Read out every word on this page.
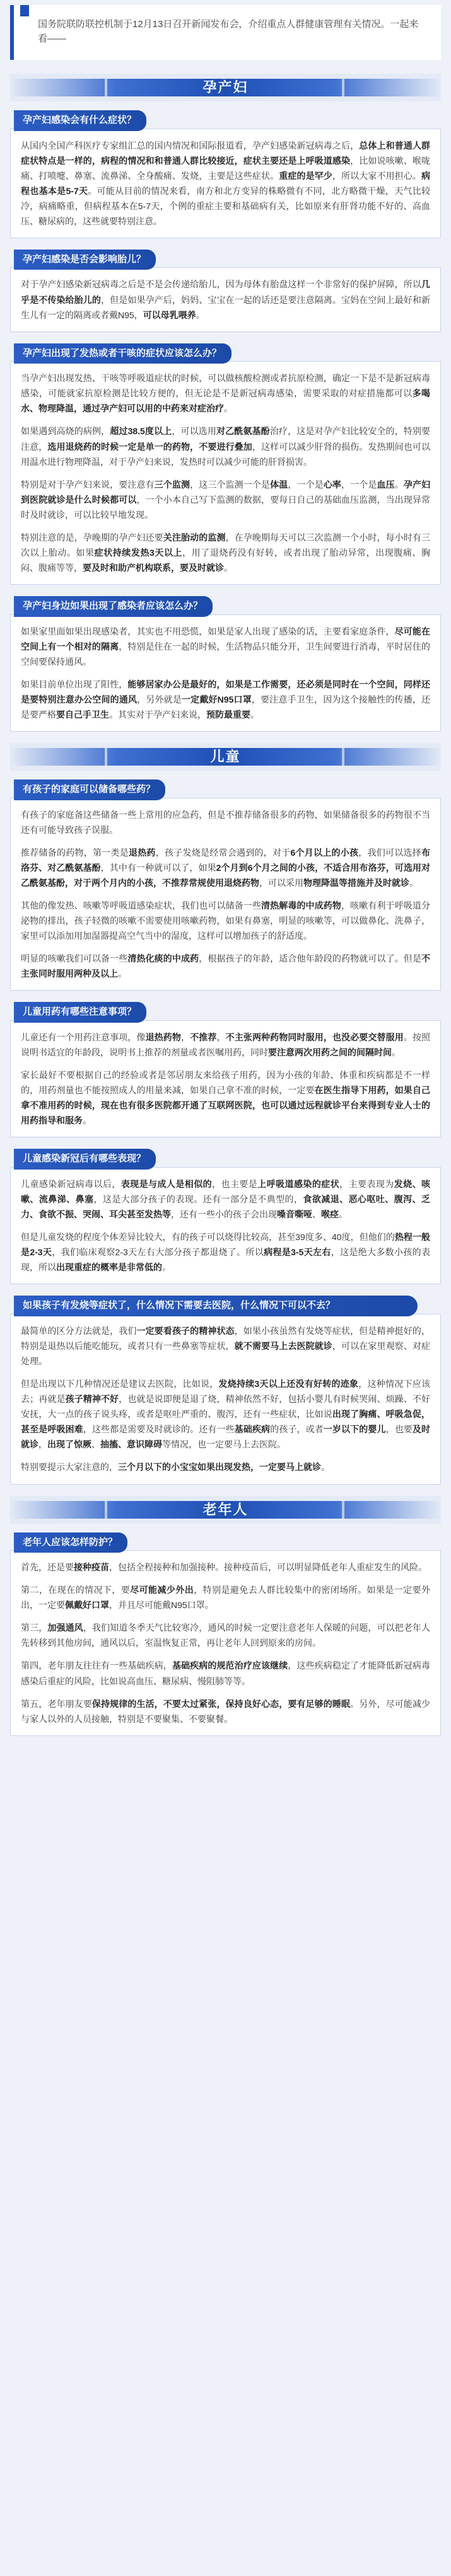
国务院联防联控机制于12月13日召开新闻发布会，介绍重点人群健康管理有关情况。一起来看——
孕产妇
孕产妇感染会有什么症状？

从国内全国产科医疗专家组汇总的国内情况和国际报道看，孕产妇感染新冠病毒之后，总体上和普通人群症状特点是一样的，病程的情况和和普通人群比较接近，症状主要还是上呼吸道感染，比如说咳嗽、喉咙痛、打喷嚏、鼻塞、流鼻涕、全身酸痛、发烧，主要是这些症状。重症的是罕少，所以大家不用担心。病程也基本是5-7天。可能从目前的情况来看，南方和北方变异的株略微有不同，北方略微干燥，天气比较冷，病痛略重，但病程基本在5-7天，个例的重症主要和基础病有关，比如原来有肝肾功能不好的、高血压、糖尿病的，这些就要特别注意。

孕产妇感染是否会影响胎儿？

对于孕产妇感染新冠病毒之后是不是会传递给胎儿，因为母体有胎盘这样一个非常好的保护屏障，所以几乎是不传染给胎儿的，但是如果孕产后，妈妈、宝宝在一起的话还是要注意隔离。宝妈在空间上最好和新生儿有一定的隔离或者戴N95，可以母乳喂养。

孕产妇出现了发热或者干咳的症状应该怎么办？

当孕产妇出现发热、干咳等呼吸道症状的时候，可以做核酸检测或者抗原检测，确定一下是不是新冠病毒感染，可能就家抗原检测是比较方便的，但无论是不是新冠病毒感染，需要采取的对症措施都可以多喝水、物理降温，通过孕产妇可以用的中药来对症治疗。

如果遇到高烧的病例，超过38.5度以上，可以选用对乙酰氨基酚治疗，这是对孕产妇比较安全的，特别要注意，选用退烧药的时候一定是单一的药物，不要进行叠加，这样可以减少肝肾的损伤。发热期间也可以用温水进行物理降温，对于孕产妇来说，发热时可以减少可能的肝肾损害。

特别是对于孕产妇来说，要注意有三个监测，这三个监测一个是体温，一个是心率，一个是血压。孕产妇到医院就诊是什么时候都可以，一个小本自己写下监测的数据，要每日自己的基础血压监测，当出现异常时及时就诊，可以比较早地发现。

特别注意的是，孕晚期的孕产妇还要关注胎动的监测，在孕晚期每天可以三次监测一个小时，每小时有三次以上胎动。如果症状持续发热3天以上，用了退烧药没有好转，或者出现了胎动异常，出现腹痛、胸闷、腹痛等等，要及时和助产机构联系，要及时就诊。

孕产妇身边如果出现了感染者应该怎么办？

如果家里面如果出现感染者，其实也不用恐慌，如果是家人出现了感染的话，主要看家庭条件，尽可能在空间上有一个相对的隔离，特别是住在一起的时候，生活物品只能分开，卫生间要进行消毒，平时居住的空间要保持通风。

如果目前单位出现了阳性，能够居家办公是最好的，如果是工作需要，还必须是同时在一个空间，同样还是要特别注意办公空间的通风，另外就是一定戴好N95口罩，要注意手卫生，因为这个接触性的传播，还是要严格要自己手卫生。其实对于孕产妇来说，预防最重要。

儿童
有孩子的家庭可以储备哪些药？

有孩子的家庭备这些储备一些上常用的应急药，但是不推荐储备很多的药物，如果储备很多的药物很不当还有可能导致孩子误服。

推荐储备的药物，第一类是退热药，孩子发烧是经常会遇到的，对于6个月以上的小孩，我们可以选择布洛芬、对乙酰氨基酚，其中有一种就可以了，如果2个月到6个月之间的小孩，不适合用布洛芬，可选用对乙酰氨基酚，对于两个月内的小孩，不推荐常规使用退烧药物，可以采用物理降温等措施并及时就诊。

其他的像发热、咳嗽等呼吸道感染症状，我们也可以储备一些清热解毒的中成药物，咳嗽有利于呼吸道分泌物的排出，孩子轻微的咳嗽不需要使用咳嗽药物，如果有鼻塞，明显的咳嗽等，可以做鼻化、洗鼻子，家里可以添加用加湿器提高空气当中的湿度，这样可以增加孩子的舒适度。

明显的咳嗽我们可以备一些清热化痰的中成药，根据孩子的年龄，适合他年龄段的药物就可以了。但是不主张同时服用两种及以上。

儿童用药有哪些注意事项？

儿童还有一个用药注意事项，像退热药物，不推荐，不主张两种药物同时服用，也没必要交替服用。按照说明书适宜的年龄段，说明书上推荐的剂量或者医嘱用药，同时要注意两次用药之间的间隔时间。

家长最好不要根据自己的经验或者是邻居朋友来给孩子用药，因为小孩的年龄、体重和疾病都是不一样的，用药剂量也不能按照成人的用量来减，如果自己拿不准的时候，一定要在医生指导下用药，如果自己拿不准用药的时候，现在也有很多医院都开通了互联网医院，也可以通过远程就诊平台来得到专业人士的用药指导和服务。

儿童感染新冠后有哪些表现？

儿童感染新冠病毒以后，表现是与成人是相似的，也主要是上呼吸道感染的症状，主要表现为发烧、咳嗽、流鼻涕、鼻塞，这是大部分孩子的表现。还有一部分是不典型的，食欲减退、恶心呕吐、腹泻、乏力、食欲不振、哭闹、耳尖甚至发热等，还有一些小的孩子会出现嗓音嘶哑、喉痉。

但是儿童发烧的程度个体差异比较大，有的孩子可以烧得比较高，甚至39度多、40度，但他们的热程一般是2-3天，我们临床观察2-3天左右大部分孩子都退烧了。所以病程是3-5天左右，这是绝大多数小孩的表现，所以出现重症的概率是非常低的。

如果孩子有发烧等症状了，什么情况下需要去医院，什么情况下可以不去？

最简单的区分方法就是，我们一定要看孩子的精神状态，如果小孩虽然有发烧等症状，但是精神挺好的，特别是退热以后能吃能玩，或者只有一些鼻塞等症状，就不需要马上去医院就诊，可以在家里观察、对症处理。

但是出现以下几种情况还是建议去医院，比如说，发烧持续3天以上还没有好转的迹象，这种情况下应该去；再就是孩子精神不好，也就是说即便是退了烧，精神依然不好，包括小婴儿有时候哭闹、烦躁、不好安抚，大一点的孩子说头疼，或者是呕吐严重的、腹泻，还有一些症状，比如说出现了胸痛、呼吸急促，甚至是呼吸困难，这些都是需要及时就诊的。还有一些基础疾病的孩子，或者一岁以下的婴儿，也要及时就诊，出现了惊厥、抽搐、意识障碍等情况，也一定要马上去医院。

特别要提示大家注意的，三个月以下的小宝宝如果出现发热，一定要马上就诊。

老年人
老年人应该怎样防护？

首先，还是要接种疫苗，包括全程接种和加强接种。接种疫苗后，可以明显降低老年人重症发生的风险。

第二，在现在的情况下，要尽可能减少外出，特别是避免去人群比较集中的密闭场所。如果是一定要外出，一定要佩戴好口罩，并且尽可能戴N95口罩。

第三，加强通风，我们知道冬季天气比较寒冷，通风的时候一定要注意老年人保暖的问题，可以把老年人先转移到其他房间，通风以后，室温恢复正常，再让老年人回到原来的房间。

第四，老年朋友往往有一些基础疾病，基础疾病的规范治疗应该继续，这些疾病稳定了才能降低新冠病毒感染后重症的风险，比如说高血压、糖尿病、慢阻肺等等。

第五，老年朋友要保持规律的生活，不要太过紧张，保持良好心态，要有足够的睡眠。另外，尽可能减少与家人以外的人员接触，特别是不要聚集、不要聚餐。
